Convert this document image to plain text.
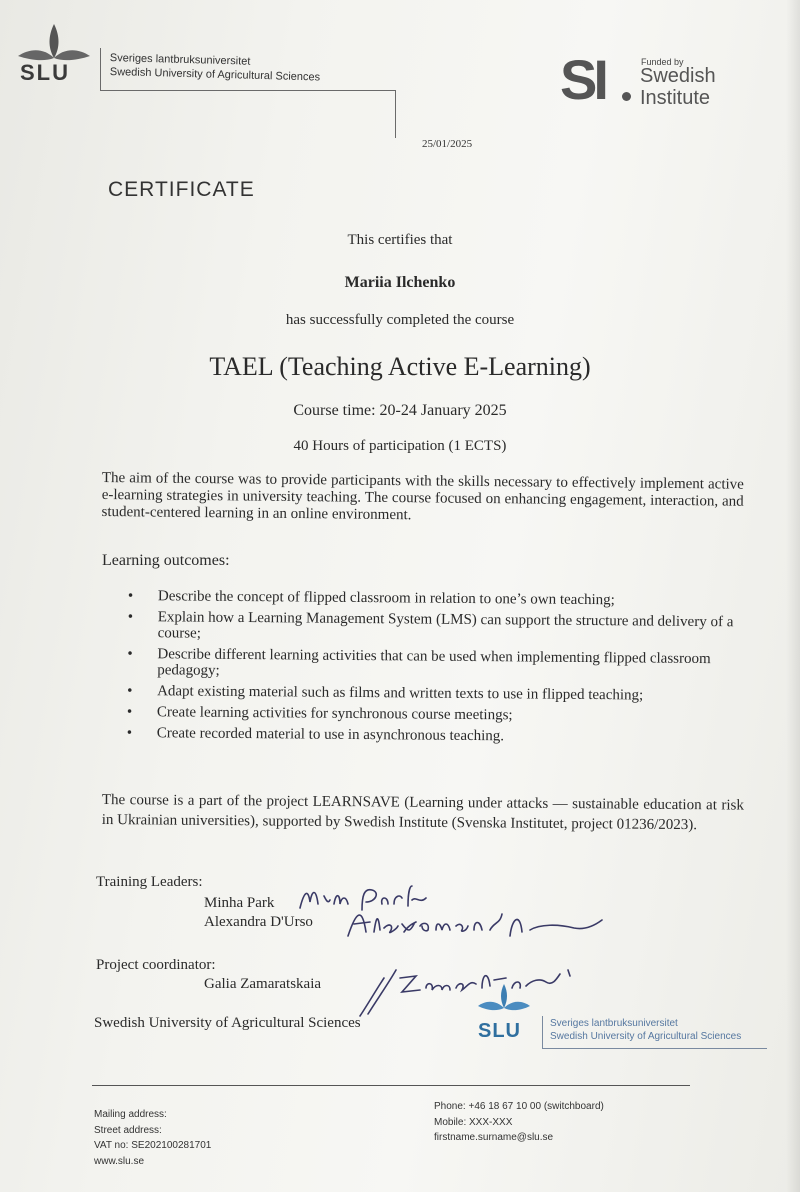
SLU
Sveriges lantbruksuniversitet
Swedish University of Agricultural Sciences	SI	Funded by
Swedish
Institute
25/01/2025
CERTIFICATE
This certifies that
Mariia Ilchenko
has successfully completed the course
TAEL (Teaching Active E-Learning)
Course time: 20-24 January 2025
40 Hours of participation (1 ECTS)
The aim of the course was to provide participants with the skills necessary to effectively implement active e-learning strategies in university teaching. The course focused on enhancing engagement, interaction, and student-centered learning in an online environment.
Learning outcomes:
• Describe the concept of flipped classroom in relation to one’s own teaching;
• Explain how a Learning Management System (LMS) can support the structure and delivery of a course;
• Describe different learning activities that can be used when implementing flipped classroom pedagogy;
• Adapt existing material such as films and written texts to use in flipped teaching;
• Create learning activities for synchronous course meetings;
• Create recorded material to use in asynchronous teaching.
The course is a part of the project LEARNSAVE (Learning under attacks — sustainable education at risk in Ukrainian universities), supported by Swedish Institute (Svenska Institutet, project 01236/2023).
Training Leaders:
Minha Park
Alexandra D'Urso
Project coordinator:
Galia Zamaratskaia
Swedish University of Agricultural Sciences	SLU	Sveriges lantbruksuniversitet
Swedish University of Agricultural Sciences
Mailing address:
Street address:
VAT no: SE202100281701
www.slu.se
Phone: +46 18 67 10 00 (switchboard)
Mobile: XXX-XXX
firstname.surname@slu.se
